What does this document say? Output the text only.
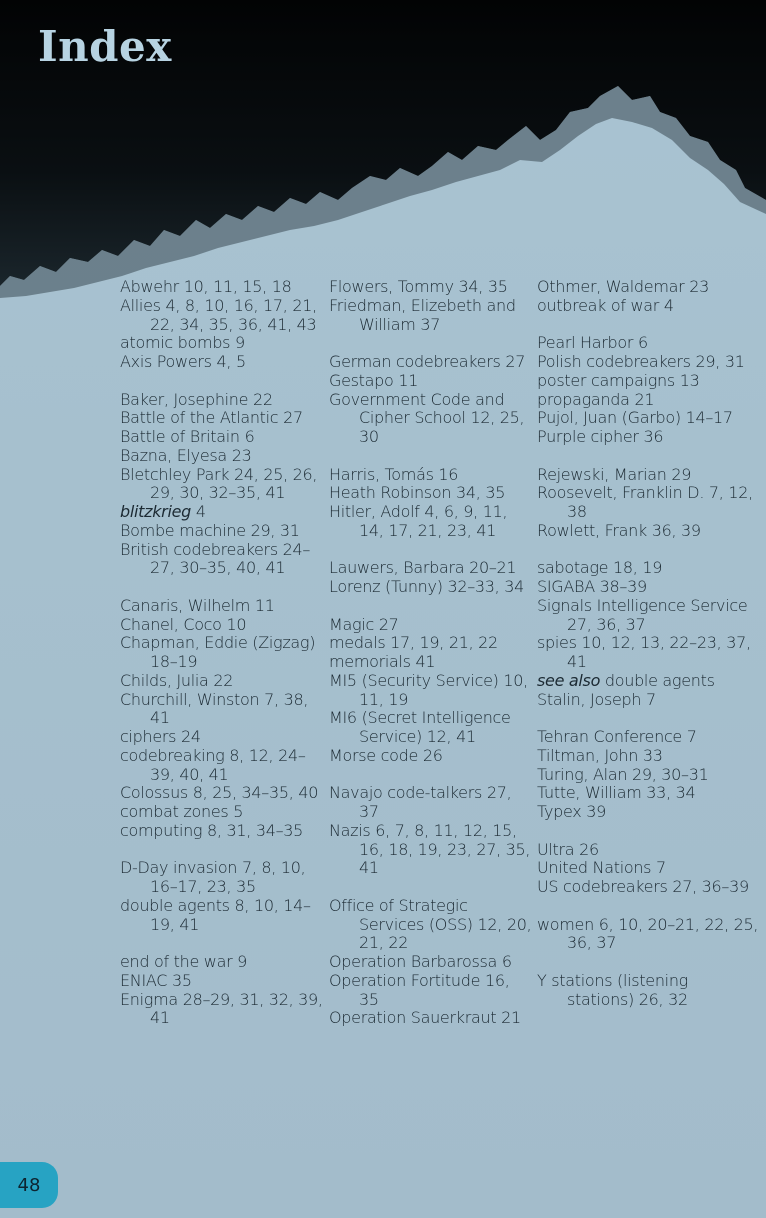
Index
Abwehr 10, 11, 15, 18
Allies 4, 8, 10, 16, 17, 21, 22, 34, 35, 36, 41, 43
atomic bombs 9
Axis Powers 4, 5
Baker, Josephine 22
Battle of the Atlantic 27
Battle of Britain 6
Bazna, Elyesa 23
Bletchley Park 24, 25, 26, 29, 30, 32–35, 41
blitzkrieg 4
Bombe machine 29, 31
British codebreakers 24–27, 30–35, 40, 41
Canaris, Wilhelm 11
Chanel, Coco 10
Chapman, Eddie (Zigzag) 18–19
Childs, Julia 22
Churchill, Winston 7, 38, 41
ciphers 24
codebreaking 8, 12, 24–39, 40, 41
Colossus 8, 25, 34–35, 40
combat zones 5
computing 8, 31, 34–35
D-Day invasion 7, 8, 10, 16–17, 23, 35
double agents 8, 10, 14–19, 41
end of the war 9
ENIAC 35
Enigma 28–29, 31, 32, 39, 41
Flowers, Tommy 34, 35
Friedman, Elizebeth and William 37
German codebreakers 27
Gestapo 11
Government Code and Cipher School 12, 25, 30
Harris, Tomás 16
Heath Robinson 34, 35
Hitler, Adolf 4, 6, 9, 11, 14, 17, 21, 23, 41
Lauwers, Barbara 20–21
Lorenz (Tunny) 32–33, 34
Magic 27
medals 17, 19, 21, 22
memorials 41
MI5 (Security Service) 10, 11, 19
MI6 (Secret Intelligence Service) 12, 41
Morse code 26
Navajo code-talkers 27, 37
Nazis 6, 7, 8, 11, 12, 15, 16, 18, 19, 23, 27, 35, 41
Office of Strategic Services (OSS) 12, 20, 21, 22
Operation Barbarossa 6
Operation Fortitude 16, 35
Operation Sauerkraut 21
Othmer, Waldemar 23
outbreak of war 4
Pearl Harbor 6
Polish codebreakers 29, 31
poster campaigns 13
propaganda 21
Pujol, Juan (Garbo) 14–17
Purple cipher 36
Rejewski, Marian 29
Roosevelt, Franklin D. 7, 12, 38
Rowlett, Frank 36, 39
sabotage 18, 19
SIGABA 38–39
Signals Intelligence Service 27, 36, 37
spies 10, 12, 13, 22–23, 37, 41
see also double agents
Stalin, Joseph 7
Tehran Conference 7
Tiltman, John 33
Turing, Alan 29, 30–31
Tutte, William 33, 34
Typex 39
Ultra 26
United Nations 7
US codebreakers 27, 36–39
women 6, 10, 20–21, 22, 25, 36, 37
Y stations (listening stations) 26, 32
48
